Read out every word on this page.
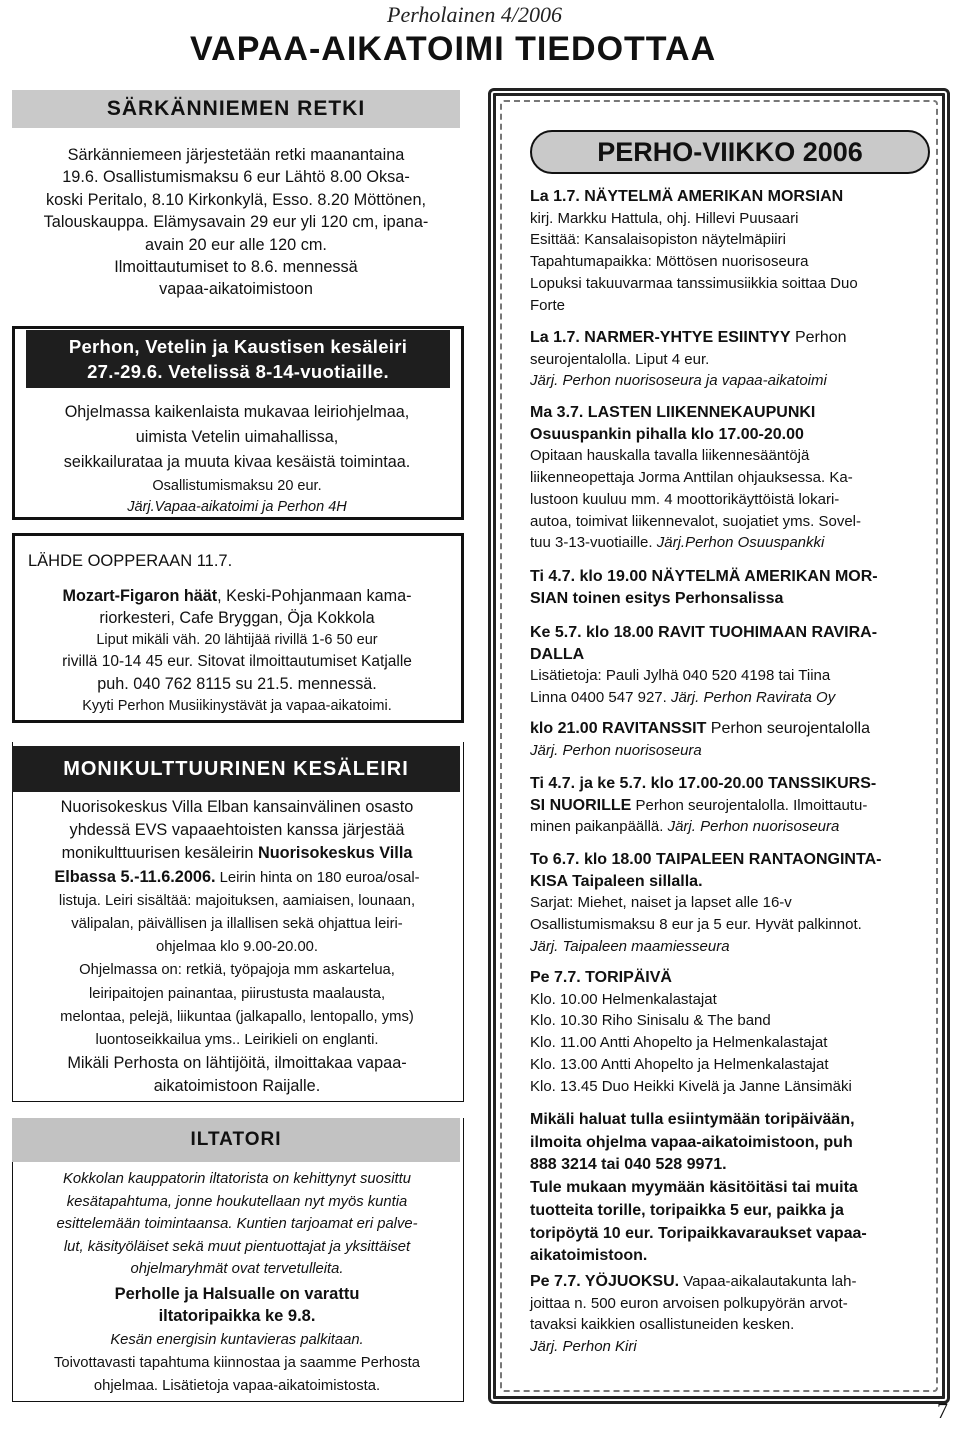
Perholainen 4/2006
VAPAA-AIKATOIMI TIEDOTTAA
SÄRKÄNNIEMEN RETKI
Särkänniemeen järjestetään retki maanantaina
19.6. Osallistumismaksu 6 eur Lähtö 8.00 Oksa-
koski Peritalo, 8.10 Kirkonkylä, Esso. 8.20 Möttönen,
Talouskauppa. Elämysavain 29 eur yli 120 cm, ipana-
avain 20 eur alle 120 cm.
Ilmoittautumiset to 8.6. mennessä
vapaa-aikatoimistoon
Perhon, Vetelin ja Kaustisen kesäleiri
27.-29.6. Vetelissä 8-14-vuotiaille.
Ohjelmassa kaikenlaista mukavaa leiriohjelmaa,
uimista Vetelin uimahallissa,
seikkailurataa ja muuta kivaa kesäistä toimintaa.
Osallistumismaksu 20 eur.
Järj.Vapaa-aikatoimi ja Perhon 4H
LÄHDE OOPPERAAN 11.7.
Mozart-Figaron häät, Keski-Pohjanmaan kama-
riorkesteri, Cafe Bryggan, Öja Kokkola
Liput mikäli väh. 20 lähtijää rivillä 1-6 50 eur
rivillä 10-14 45 eur. Sitovat ilmoittautumiset Katjalle
puh. 040 762 8115 su 21.5. mennessä.
Kyyti Perhon Musiikinystävät ja vapaa-aikatoimi.
MONIKULTTUURINEN KESÄLEIRI
Nuorisokeskus Villa Elban kansainvälinen osasto
yhdessä EVS vapaaehtoisten kanssa järjestää
monikulttuurisen kesäleirin Nuorisokeskus Villa
Elbassa 5.-11.6.2006. Leirin hinta on 180 euroa/osal-
listuja. Leiri sisältää: majoituksen, aamiaisen, lounaan,
välipalan, päivällisen ja illallisen sekä ohjattua leiri-
ohjelmaa klo 9.00-20.00.
Ohjelmassa on: retkiä, työpajoja mm askartelua,
leiripaitojen painantaa, piirustusta maalausta,
melontaa, pelejä, liikuntaa (jalkapallo, lentopallo, yms)
luontoseikkailua yms.. Leirikieli on englanti.
Mikäli Perhosta on lähtijöitä, ilmoittakaa vapaa-
aikatoimistoon Raijalle.
ILTATORI
Kokkolan kauppatorin iltatorista on kehittynyt suosittu
kesätapahtuma, jonne houkutellaan nyt myös kuntia
esittelemään toimintaansa. Kuntien tarjoamat eri palve-
lut, käsityöläiset sekä muut pientuottajat ja yksittäiset
ohjelmaryhmät ovat tervetulleita.
Perholle ja Halsualle on varattu
iltatoripaikka ke 9.8.
Kesän energisin kuntavieras palkitaan.
Toivottavasti tapahtuma kiinnostaa ja saamme Perhosta
ohjelmaa. Lisätietoja vapaa-aikatoimistosta.
PERHO-VIIKKO 2006
La 1.7. NÄYTELMÄ AMERIKAN MORSIAN
kirj. Markku Hattula, ohj. Hillevi Puusaari
Esittää: Kansalaisopiston näytelmäpiiri
Tapahtumapaikka: Möttösen nuorisoseura
Lopuksi takuuvarmaa tanssimusiikkia soittaa Duo
Forte
La 1.7. NARMER-YHTYE ESIINTYY Perhon
seurojentalolla. Liput 4 eur.
Järj. Perhon nuorisoseura ja vapaa-aikatoimi
Ma 3.7. LASTEN LIIKENNEKAUPUNKI
Osuuspankin pihalla klo 17.00-20.00
Opitaan hauskalla tavalla liikennesääntöjä
liikenneopettaja Jorma Anttilan ohjauksessa. Ka-
lustoon kuuluu mm. 4 moottorikäyttöistä lokari-
autoa, toimivat liikennevalot, suojatiet yms. Sovel-
tuu 3-13-vuotiaille. Järj.Perhon Osuuspankki
Ti 4.7. klo 19.00 NÄYTELMÄ AMERIKAN MOR-
SIAN toinen esitys Perhonsalissa
Ke 5.7. klo 18.00 RAVIT TUOHIMAAN RAVIRA-
DALLA
Lisätietoja: Pauli Jylhä 040 520 4198 tai Tiina
Linna 0400 547 927. Järj. Perhon Ravirata Oy
klo 21.00 RAVITANSSIT Perhon seurojentalolla
Järj. Perhon nuorisoseura
Ti 4.7. ja ke 5.7. klo 17.00-20.00 TANSSIKURS-
SI NUORILLE Perhon seurojentalolla. Ilmoittautu-
minen paikanpäällä. Järj. Perhon nuorisoseura
To 6.7. klo 18.00 TAIPALEEN RANTAONGINTA-
KISA Taipaleen sillalla.
Sarjat: Miehet, naiset ja lapset alle 16-v
Osallistumismaksu 8 eur ja 5 eur. Hyvät palkinnot.
Järj. Taipaleen maamiesseura
Pe 7.7. TORIPÄIVÄ
Klo. 10.00 Helmenkalastajat
Klo. 10.30 Riho Sinisalu & The band
Klo. 11.00 Antti Ahopelto ja Helmenkalastajat
Klo. 13.00 Antti Ahopelto ja Helmenkalastajat
Klo. 13.45 Duo Heikki Kivelä ja Janne Länsimäki
Mikäli haluat tulla esiintymään toripäivään,
ilmoita ohjelma vapaa-aikatoimistoon, puh
888 3214 tai 040 528 9971.
Tule mukaan myymään käsitöitäsi tai muita
tuotteita torille, toripaikka 5 eur, paikka ja
toripöytä 10 eur. Toripaikkavaraukset vapaa-
aikatoimistoon.
Pe 7.7. YÖJUOKSU. Vapaa-aikalautakunta lah-
joittaa n. 500 euron arvoisen polkupyörän arvot-
tavaksi kaikkien osallistuneiden kesken.
Järj. Perhon Kiri
7
